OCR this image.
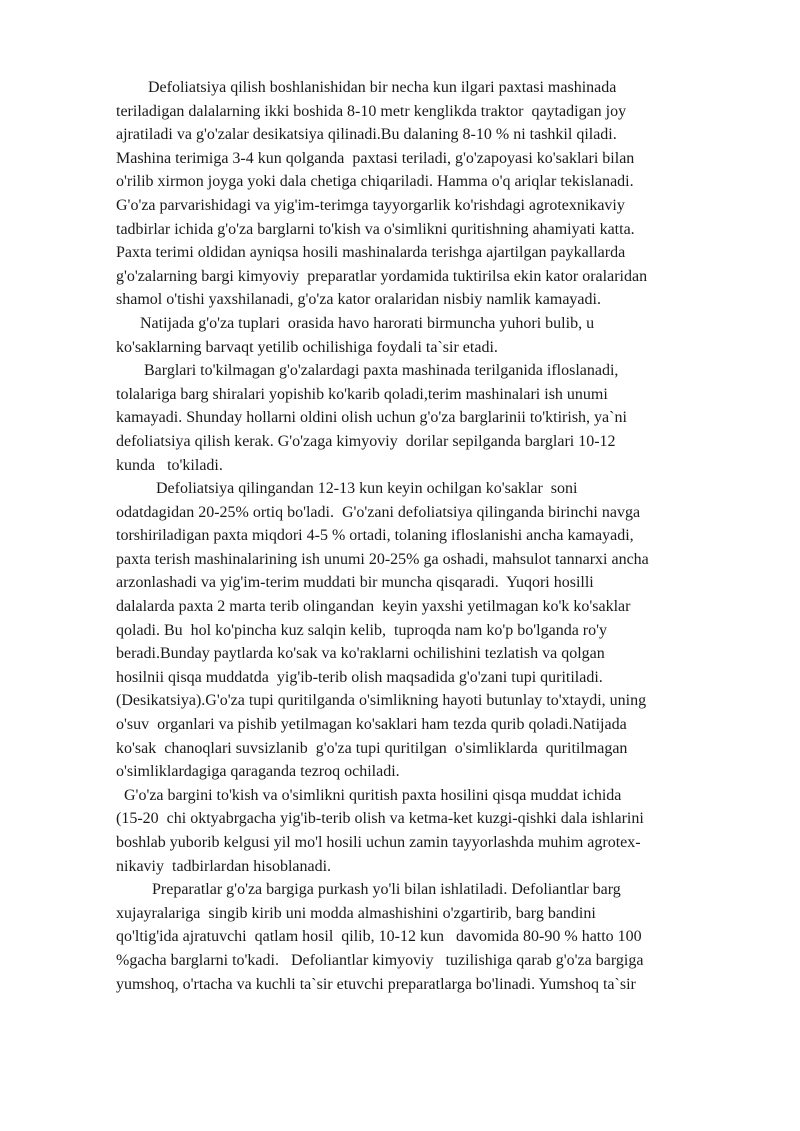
Defoliatsiya qilish boshlanishidan bir necha kun ilgari paxtasi mashinada
teriladigan dalalarning ikki boshida 8-10 metr kenglikda traktor  qaytadigan joy
ajratiladi va g'o'zalar desikatsiya qilinadi.Bu dalaning 8-10 % ni tashkil qiladi.
Mashina terimiga 3-4 kun qolganda  paxtasi teriladi, g'o'zapoyasi ko'saklari bilan
o'rilib xirmon joyga yoki dala chetiga chiqariladi. Hamma o'q ariqlar tekislanadi.
G'o'za parvarishidagi va yig'im-terimga tayyorgarlik ko'rishdagi agrotexnikaviy
tadbirlar ichida g'o'za barglarni to'kish va o'simlikni quritishning ahamiyati katta.
Paxta terimi oldidan ayniqsa hosili mashinalarda terishga ajartilgan paykallarda
g'o'zalarning bargi kimyoviy  preparatlar yordamida tuktirilsa ekin kator oralaridan
shamol o'tishi yaxshilanadi, g'o'za kator oralaridan nisbiy namlik kamayadi.
Natijada g'o'za tuplari  orasida havo harorati birmuncha yuhori bulib, u
ko'saklarning barvaqt yetilib ochilishiga foydali ta`sir etadi.
Barglari to'kilmagan g'o'zalardagi paxta mashinada terilganida ifloslanadi,
tolalariga barg shiralari yopishib ko'karib qoladi,terim mashinalari ish unumi
kamayadi. Shunday hollarni oldini olish uchun g'o'za barglarinii to'ktirish, ya`ni
defoliatsiya qilish kerak. G'o'zaga kimyoviy  dorilar sepilganda barglari 10-12
kunda   to'kiladi.
Defoliatsiya qilingandan 12-13 kun keyin ochilgan ko'saklar  soni
odatdagidan 20-25% ortiq bo'ladi.  G'o'zani defoliatsiya qilinganda birinchi navga
torshiriladigan paxta miqdori 4-5 % ortadi, tolaning ifloslanishi ancha kamayadi,
paxta terish mashinalarining ish unumi 20-25% ga oshadi, mahsulot tannarxi ancha
arzonlashadi va yig'im-terim muddati bir muncha qisqaradi.  Yuqori hosilli
dalalarda paxta 2 marta terib olingandan  keyin yaxshi yetilmagan ko'k ko'saklar
qoladi. Bu  hol ko'pincha kuz salqin kelib,  tuproqda nam ko'p bo'lganda ro'y
beradi.Bunday paytlarda ko'sak va ko'raklarni ochilishini tezlatish va qolgan
hosilnii qisqa muddatda  yig'ib-terib olish maqsadida g'o'zani tupi quritiladi.
(Desikatsiya).G'o'za tupi quritilganda o'simlikning hayoti butunlay to'xtaydi, uning
o'suv  organlari va pishib yetilmagan ko'saklari ham tezda qurib qoladi.Natijada
ko'sak  chanoqlari suvsizlanib  g'o'za tupi quritilgan  o'simliklarda  quritilmagan
o'simliklardagiga qaraganda tezroq ochiladi.
G'o'za bargini to'kish va o'simlikni quritish paxta hosilini qisqa muddat ichida
(15-20  chi oktyabrgacha yig'ib-terib olish va ketma-ket kuzgi-qishki dala ishlarini
boshlab yuborib kelgusi yil mo'l hosili uchun zamin tayyorlashda muhim agrotex-
nikaviy  tadbirlardan hisoblanadi.
Preparatlar g'o'za bargiga purkash yo'li bilan ishlatiladi. Defoliantlar barg
xujayralariga  singib kirib uni modda almashishini o'zgartirib, barg bandini
qo'ltig'ida ajratuvchi  qatlam hosil  qilib, 10-12 kun   davomida 80-90 % hatto 100
%gacha barglarni to'kadi.   Defoliantlar kimyoviy   tuzilishiga qarab g'o'za bargiga
yumshoq, o'rtacha va kuchli ta`sir etuvchi preparatlarga bo'linadi. Yumshoq ta`sir
